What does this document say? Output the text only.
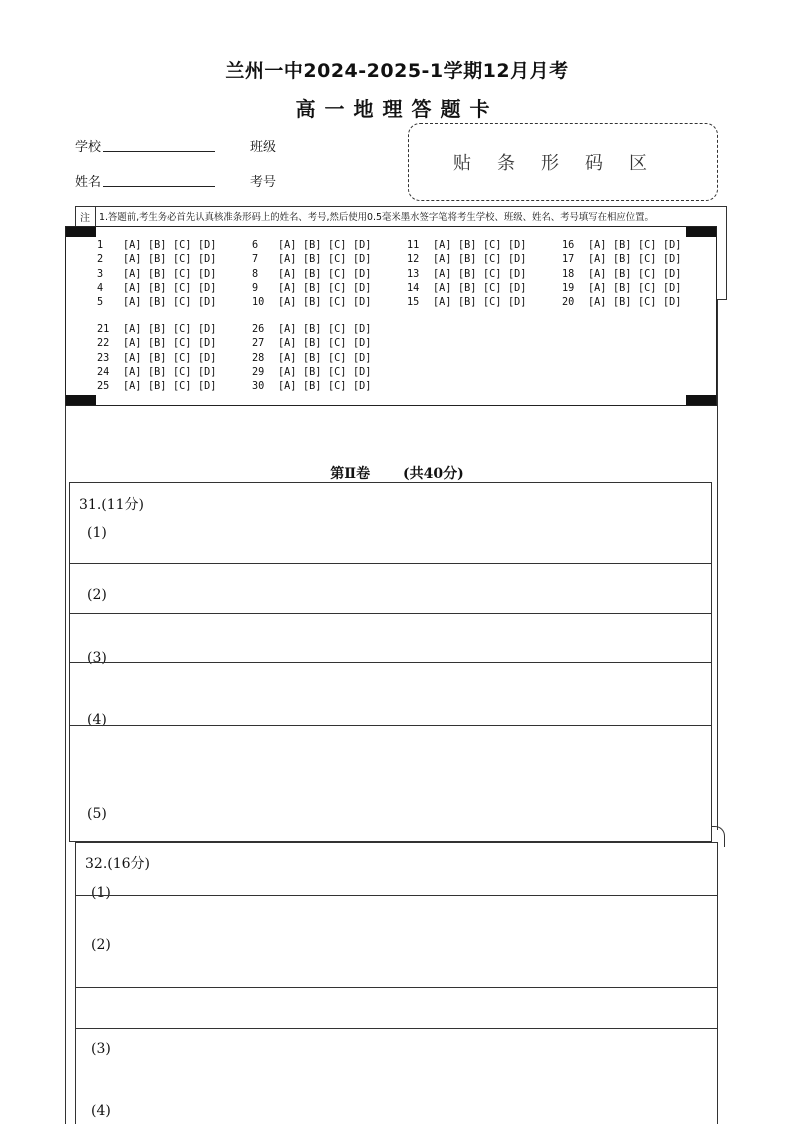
兰州一中2024-2025-1学期12月月考
高一地理答题卡
学校	班级
姓名	考号
贴条形码区
注 1.答题前,考生务必首先认真核准条形码上的姓名、考号,然后使用0.5毫米墨水签字笔将考生学校、班级、姓名、考号填写在相应位置。
1	[A] [B] [C] [D]
2	[A] [B] [C] [D]
3	[A] [B] [C] [D]
4	[A] [B] [C] [D]
5	[A] [B] [C] [D]
6	[A] [B] [C] [D]
7	[A] [B] [C] [D]
8	[A] [B] [C] [D]
9	[A] [B] [C] [D]
10	[A] [B] [C] [D]
11	[A] [B] [C] [D]
12	[A] [B] [C] [D]
13	[A] [B] [C] [D]
14	[A] [B] [C] [D]
15	[A] [B] [C] [D]
16	[A] [B] [C] [D]
17	[A] [B] [C] [D]
18	[A] [B] [C] [D]
19	[A] [B] [C] [D]
20	[A] [B] [C] [D]
21	[A] [B] [C] [D]
22	[A] [B] [C] [D]
23	[A] [B] [C] [D]
24	[A] [B] [C] [D]
25	[A] [B] [C] [D]
26	[A] [B] [C] [D]
27	[A] [B] [C] [D]
28	[A] [B] [C] [D]
29	[A] [B] [C] [D]
30	[A] [B] [C] [D]
第Ⅱ卷 (共40分)
31.(11分)
(1)
(2)
(3)
(4)
(5)
32.(16分)
(1)
(2)
(3)
(4)
